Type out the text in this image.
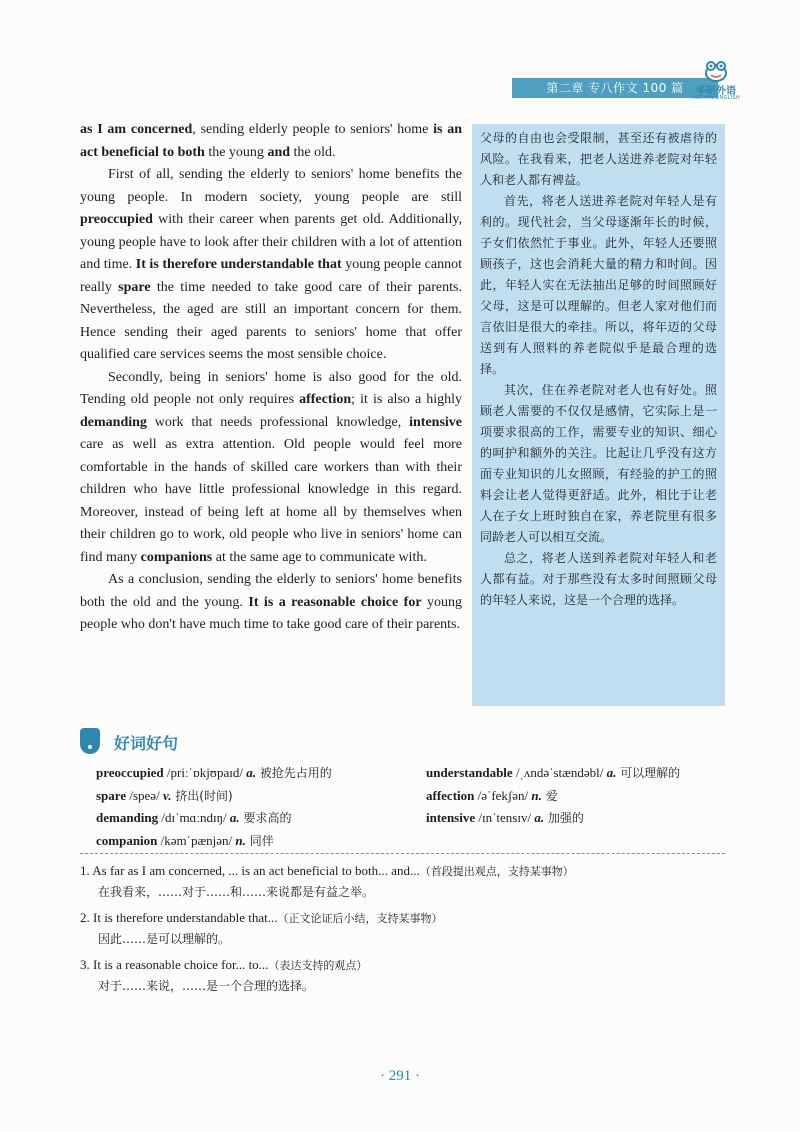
第二章 专八作文 100 篇	华研外语
HUAYAN ENGLISH

as I am concerned, sending elderly people to seniors' home is an act beneficial to both the young and the old.

First of all, sending the elderly to seniors' home benefits the young people. In modern society, young people are still preoccupied with their career when parents get old. Additionally, young people have to look after their children with a lot of attention and time. It is therefore understandable that young people cannot really spare the time needed to take good care of their parents. Nevertheless, the aged are still an important concern for them. Hence sending their aged parents to seniors' home that offer qualified care services seems the most sensible choice.

Secondly, being in seniors' home is also good for the old. Tending old people not only requires affection; it is also a highly demanding work that needs professional knowledge, intensive care as well as extra attention. Old people would feel more comfortable in the hands of skilled care workers than with their children who have little professional knowledge in this regard. Moreover, instead of being left at home all by themselves when their children go to work, old people who live in seniors' home can find many companions at the same age to communicate with.

As a conclusion, sending the elderly to seniors' home benefits both the old and the young. It is a reasonable choice for young people who don't have much time to take good care of their parents.

父母的自由也会受限制，甚至还有被虐待的风险。在我看来，把老人送进养老院对年轻人和老人都有裨益。

首先，将老人送进养老院对年轻人是有利的。现代社会，当父母逐渐年长的时候，子女们依然忙于事业。此外，年轻人还要照顾孩子，这也会消耗大量的精力和时间。因此，年轻人实在无法抽出足够的时间照顾好父母，这是可以理解的。但老人家对他们而言依旧是很大的牵挂。所以，将年迈的父母送到有人照料的养老院似乎是最合理的选择。

其次，住在养老院对老人也有好处。照顾老人需要的不仅仅是感情，它实际上是一项要求很高的工作，需要专业的知识、细心的呵护和额外的关注。比起让几乎没有这方面专业知识的儿女照顾，有经验的护工的照料会让老人觉得更舒适。此外，相比于让老人在子女上班时独自在家，养老院里有很多同龄老人可以相互交流。

总之，将老人送到养老院对年轻人和老人都有益。对于那些没有太多时间照顾父母的年轻人来说，这是一个合理的选择。

好词好句
preoccupied /priːˈɒkjʊpaɪd/ a. 被抢先占用的	understandable /ˌʌndəˈstændəbl/ a. 可以理解的
spare /speə/ v. 挤出(时间)	affection /əˈfekʃən/ n. 爱
demanding /dɪˈmɑːndɪŋ/ a. 要求高的	intensive /ɪnˈtensɪv/ a. 加强的
companion /kəmˈpænjən/ n. 同伴
1. As far as I am concerned, ... is an act beneficial to both... and...（首段提出观点，支持某事物）
在我看来，……对于……和……来说都是有益之举。
2. It is therefore understandable that...（正文论证后小结，支持某事物）
因此……是可以理解的。
3. It is a reasonable choice for... to...（表达支持的观点）
对于……来说，……是一个合理的选择。
· 291 ·
